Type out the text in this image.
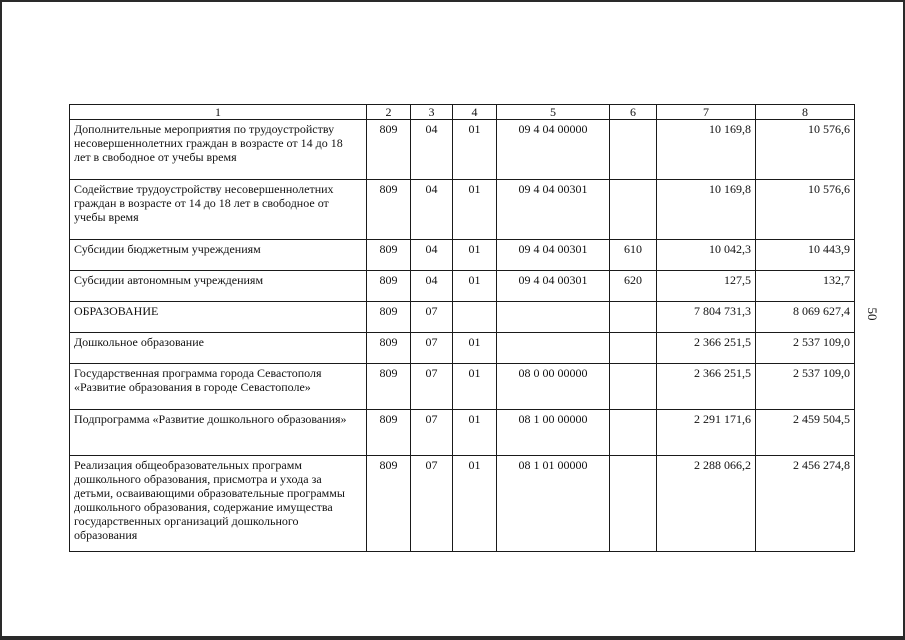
1	2	3	4	5	6	7	8
Дополнительные мероприятия по трудоустройству несовершеннолетних граждан в возрасте от 14 до 18 лет в свободное от учебы время	809	04	01	09 4 04 00000		10 169,8	10 576,6
Содействие трудоустройству несовершеннолетних граждан в возрасте от 14 до 18 лет в свободное от учебы время	809	04	01	09 4 04 00301		10 169,8	10 576,6
Субсидии бюджетным учреждениям	809	04	01	09 4 04 00301	610	10 042,3	10 443,9
Субсидии автономным учреждениям	809	04	01	09 4 04 00301	620	127,5	132,7
ОБРАЗОВАНИЕ	809	07				7 804 731,3	8 069 627,4
Дошкольное образование	809	07	01			2 366 251,5	2 537 109,0
Государственная программа города Севастополя «Развитие образования в городе Севастополе»	809	07	01	08 0 00 00000		2 366 251,5	2 537 109,0
Подпрограмма «Развитие дошкольного образования»	809	07	01	08 1 00 00000		2 291 171,6	2 459 504,5
Реализация общеобразовательных программ дошкольного образования, присмотра и ухода за детьми, осваивающими образовательные программы дошкольного образования, содержание имущества государственных организаций дошкольного образования	809	07	01	08 1 01 00000		2 288 066,2	2 456 274,8
50
